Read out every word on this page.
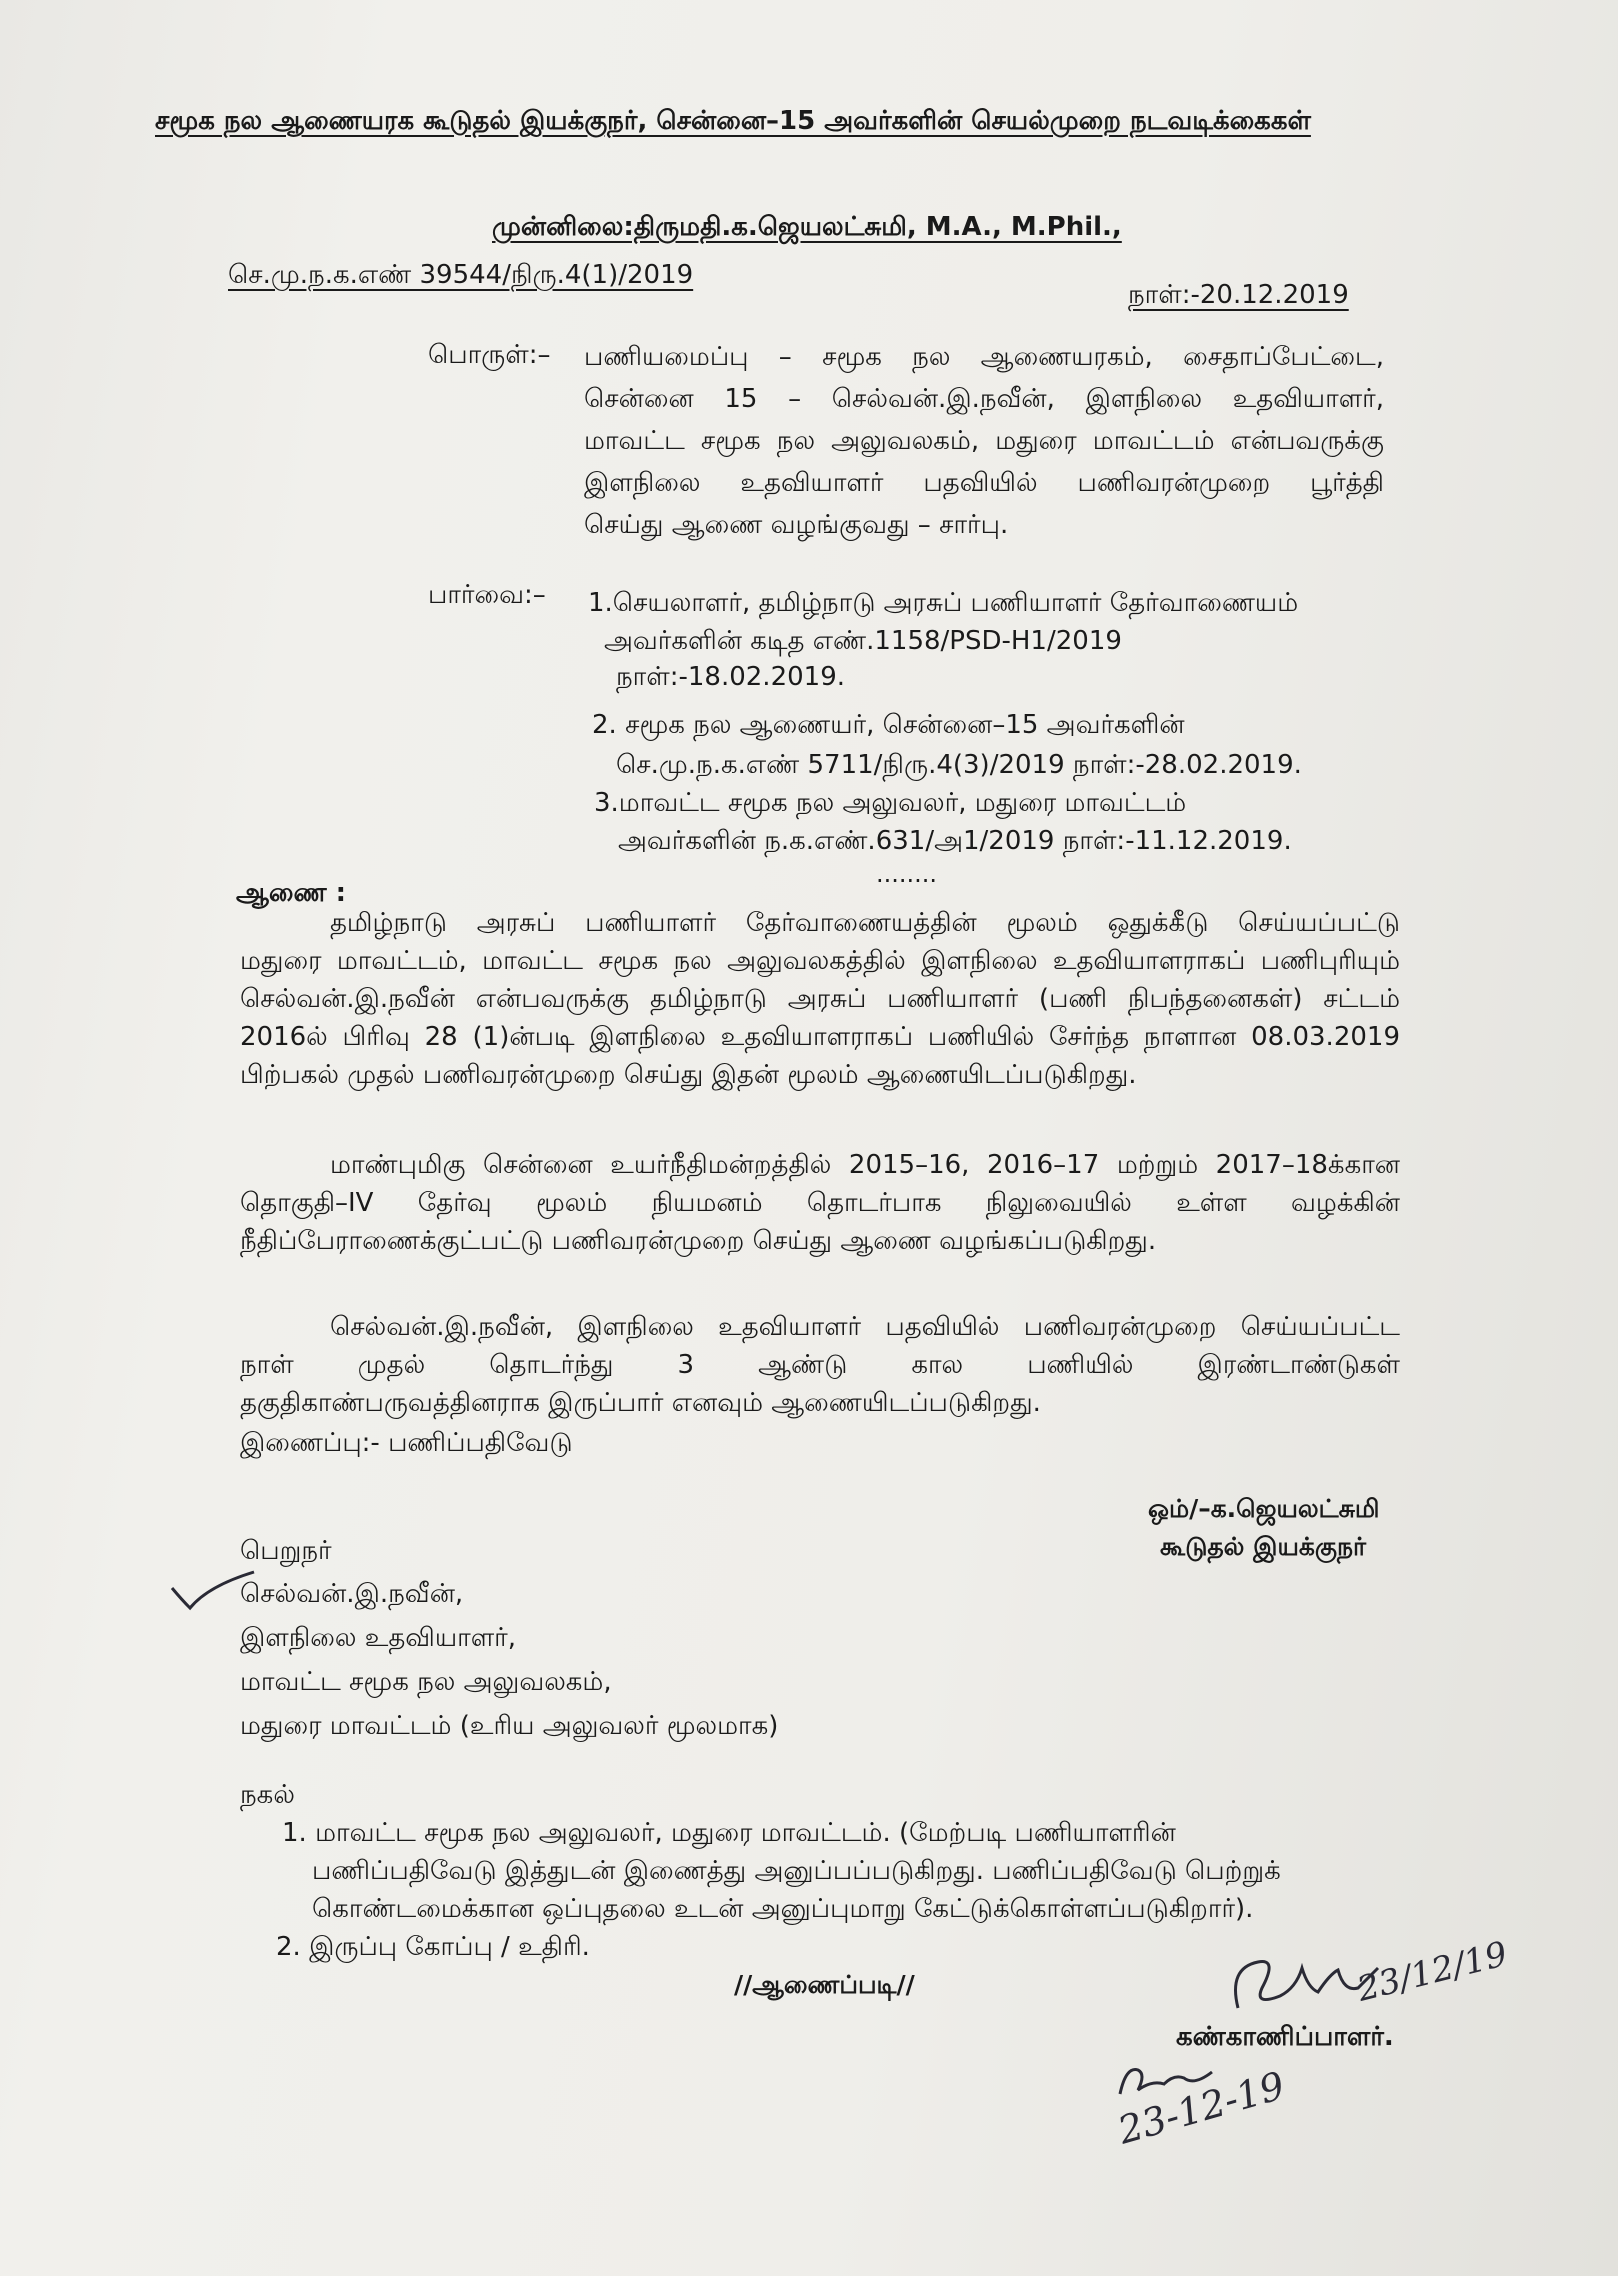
சமூக நல ஆணையரக கூடுதல் இயக்குநர், சென்னை–15 அவர்களின் செயல்முறை நடவடிக்கைகள்
முன்னிலை:திருமதி.க.ஜெயலட்சுமி, M.A., M.Phil.,
செ.மு.ந.க.எண் 39544/நிரு.4(1)/2019
நாள்:-20.12.2019
பொருள்:– பணியமைப்பு – சமூக நல ஆணையரகம், சைதாப்பேட்டை,
சென்னை 15 – செல்வன்.இ.நவீன், இளநிலை உதவியாளர்,
மாவட்ட சமூக நல அலுவலகம், மதுரை மாவட்டம் என்பவருக்கு
இளநிலை உதவியாளர் பதவியில் பணிவரன்முறை பூர்த்தி
செய்து ஆணை வழங்குவது – சார்பு.
பார்வை:– 1.செயலாளர், தமிழ்நாடு அரசுப் பணியாளர் தேர்வாணையம்
அவர்களின் கடித எண்.1158/PSD-H1/2019
நாள்:-18.02.2019.
2. சமூக நல ஆணையர், சென்னை–15 அவர்களின்
செ.மு.ந.க.எண் 5711/நிரு.4(3)/2019 நாள்:-28.02.2019.
3.மாவட்ட சமூக நல அலுவலர், மதுரை மாவட்டம்
அவர்களின் ந.க.எண்.631/அ1/2019 நாள்:-11.12.2019.
........
ஆணை :
தமிழ்நாடு அரசுப் பணியாளர் தேர்வாணையத்தின் மூலம் ஒதுக்கீடு செய்யப்பட்டு
மதுரை மாவட்டம், மாவட்ட சமூக நல அலுவலகத்தில் இளநிலை உதவியாளராகப் பணிபுரியும்
செல்வன்.இ.நவீன் என்பவருக்கு தமிழ்நாடு அரசுப் பணியாளர் (பணி நிபந்தனைகள்) சட்டம்
2016ல் பிரிவு 28 (1)ன்படி இளநிலை உதவியாளராகப் பணியில் சேர்ந்த நாளான 08.03.2019
பிற்பகல் முதல் பணிவரன்முறை செய்து இதன் மூலம் ஆணையிடப்படுகிறது.
மாண்புமிகு சென்னை உயர்நீதிமன்றத்தில் 2015–16, 2016–17 மற்றும் 2017–18க்கான
தொகுதி–IV தேர்வு மூலம் நியமனம் தொடர்பாக நிலுவையில் உள்ள வழக்கின்
நீதிப்பேராணைக்குட்பட்டு பணிவரன்முறை செய்து ஆணை வழங்கப்படுகிறது.
செல்வன்.இ.நவீன், இளநிலை உதவியாளர் பதவியில் பணிவரன்முறை செய்யப்பட்ட
நாள் முதல் தொடர்ந்து 3 ஆண்டு கால பணியில் இரண்டாண்டுகள்
தகுதிகாண்பருவத்தினராக இருப்பார் எனவும் ஆணையிடப்படுகிறது.
இணைப்பு:- பணிப்பதிவேடு
ஒம்/–க.ஜெயலட்சுமி
கூடுதல் இயக்குநர்
பெறுநர்
செல்வன்.இ.நவீன்,
இளநிலை உதவியாளர்,
மாவட்ட சமூக நல அலுவலகம்,
மதுரை மாவட்டம் (உரிய அலுவலர் மூலமாக)
நகல்
1. மாவட்ட சமூக நல அலுவலர், மதுரை மாவட்டம். (மேற்படி பணியாளரின்
பணிப்பதிவேடு இத்துடன் இணைத்து அனுப்பப்படுகிறது. பணிப்பதிவேடு பெற்றுக்
கொண்டமைக்கான ஒப்புதலை உடன் அனுப்புமாறு கேட்டுக்கொள்ளப்படுகிறார்).
2. இருப்பு கோப்பு / உதிரி.
//ஆணைப்படி//
கண்காணிப்பாளர்.
23/12/19
23-12-19
